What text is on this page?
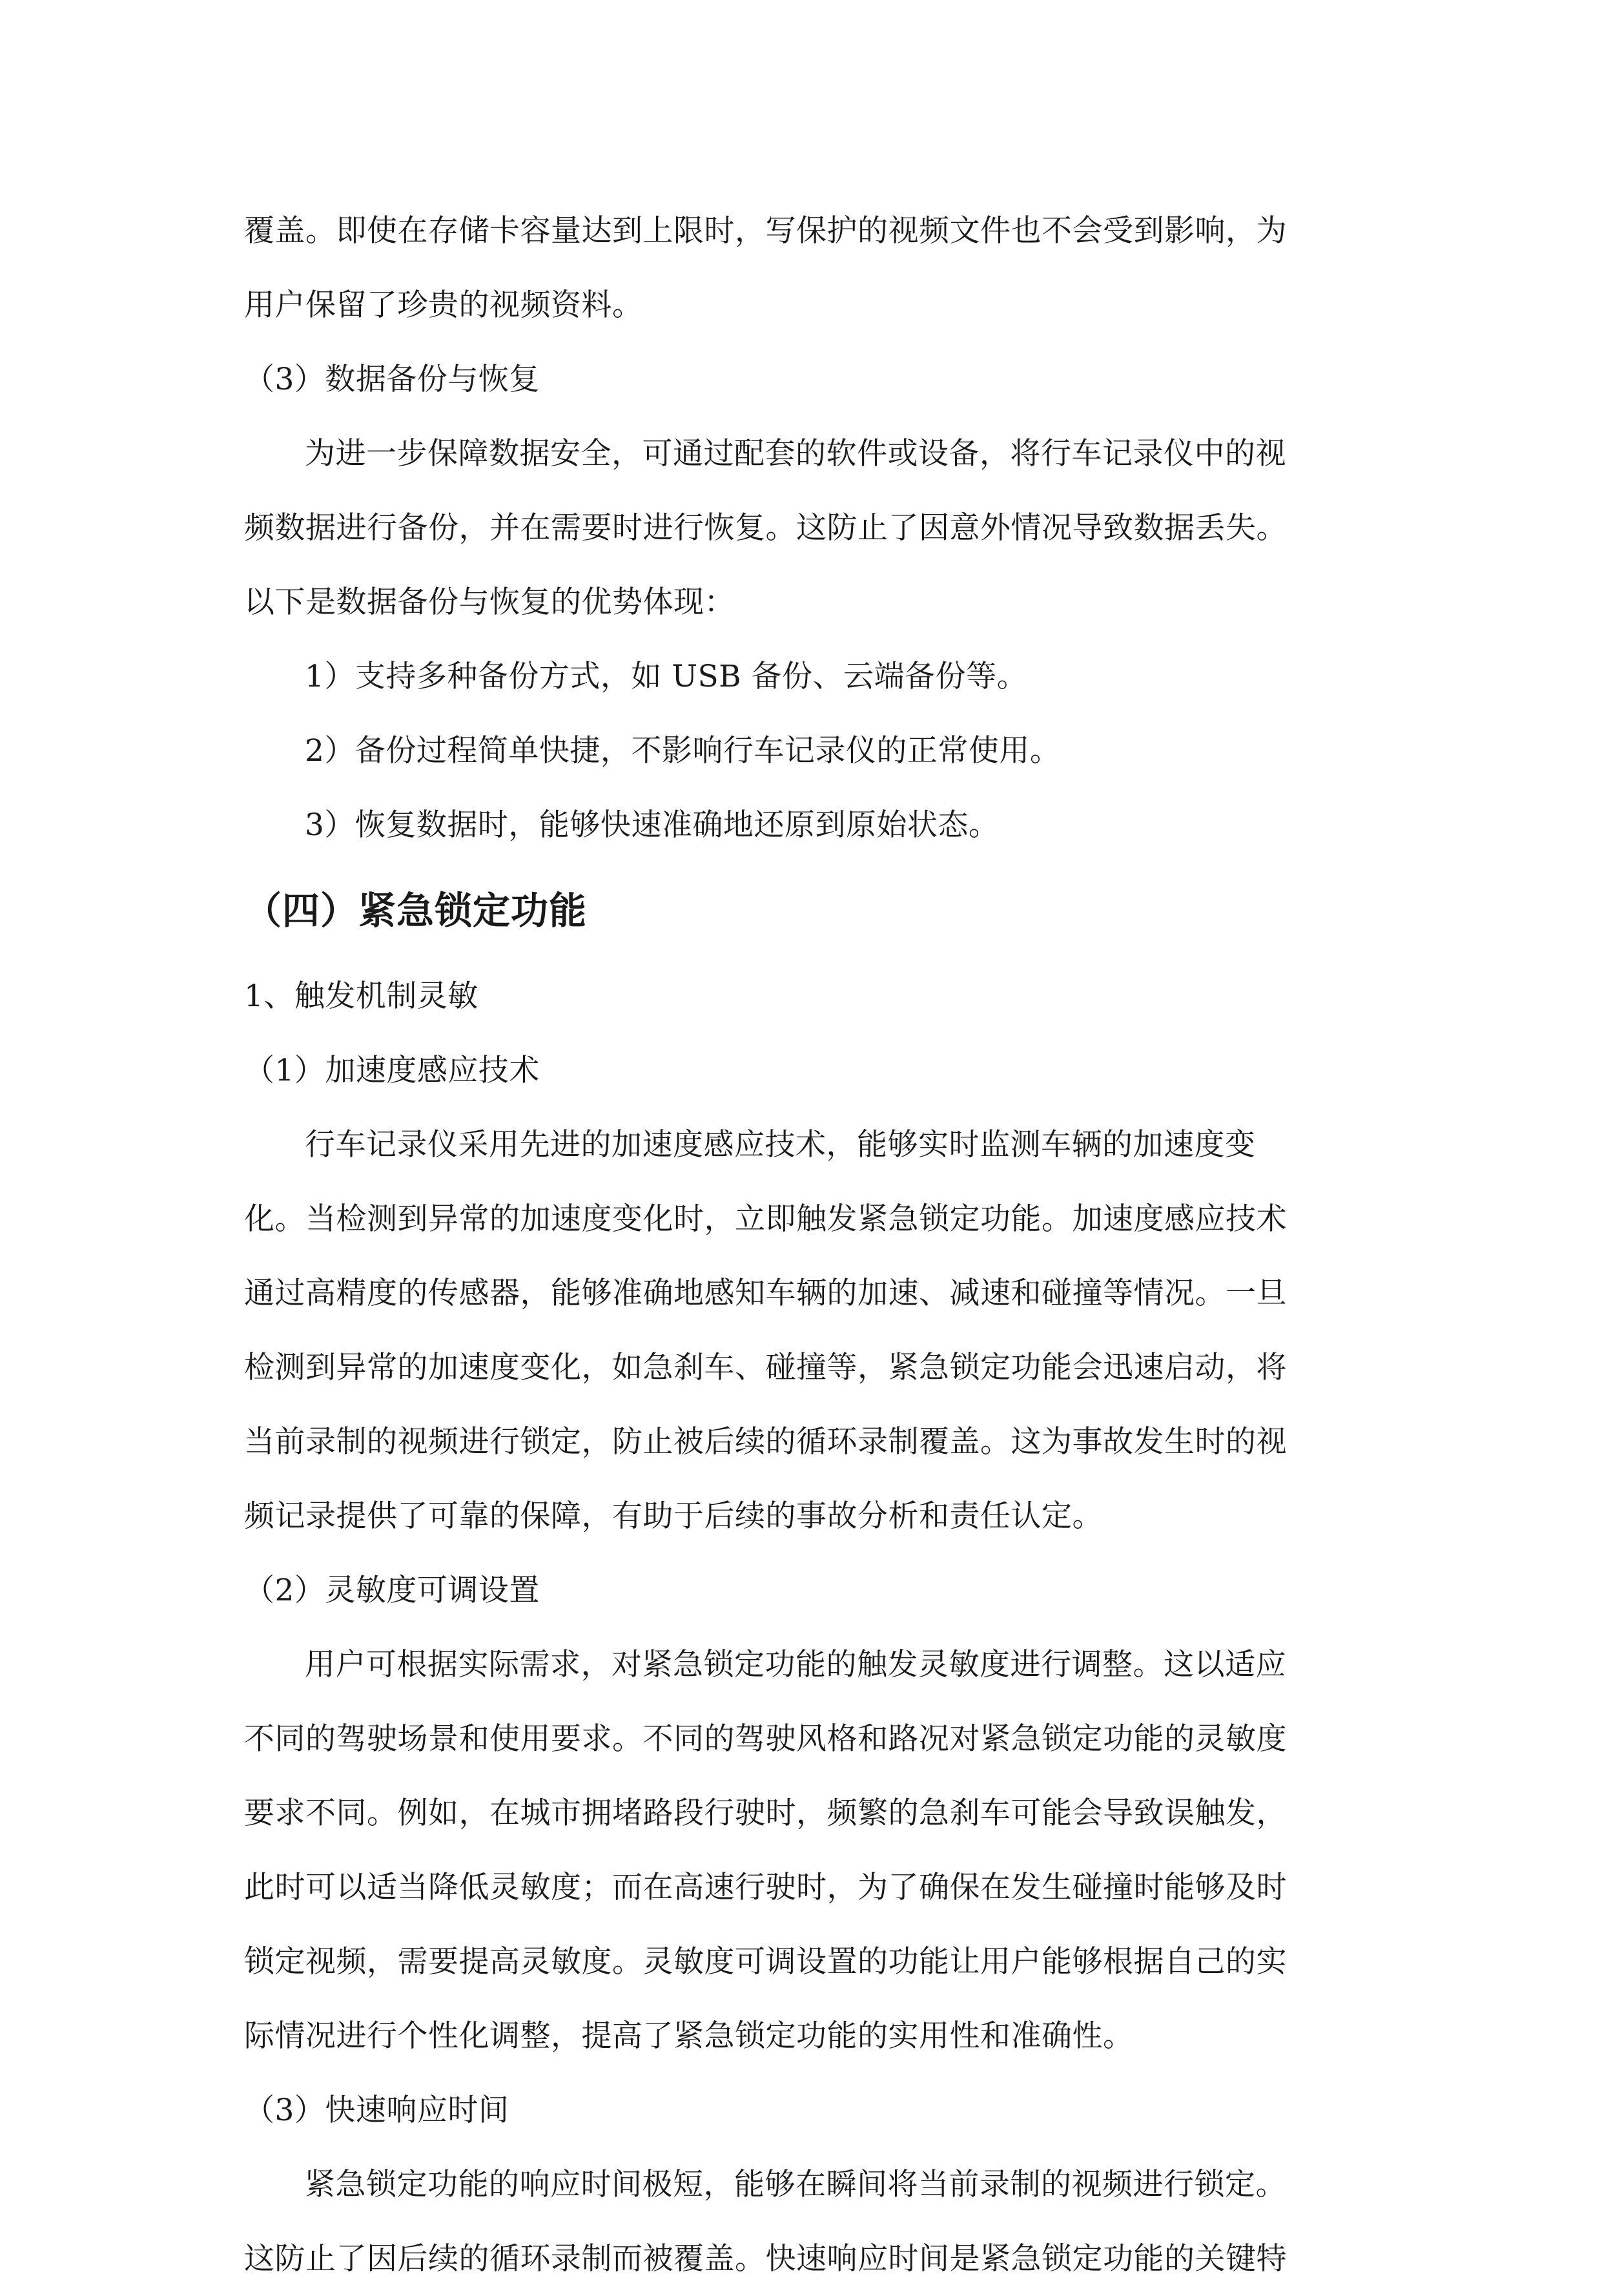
覆盖。即使在存储卡容量达到上限时，写保护的视频文件也不会受到影响，为
用户保留了珍贵的视频资料。

（3）数据备份与恢复

为进一步保障数据安全，可通过配套的软件或设备，将行车记录仪中的视
频数据进行备份，并在需要时进行恢复。这防止了因意外情况导致数据丢失。
以下是数据备份与恢复的优势体现：

1）支持多种备份方式，如 USB 备份、云端备份等。

2）备份过程简单快捷，不影响行车记录仪的正常使用。

3）恢复数据时，能够快速准确地还原到原始状态。

（四）紧急锁定功能

1、触发机制灵敏

（1）加速度感应技术

行车记录仪采用先进的加速度感应技术，能够实时监测车辆的加速度变
化。当检测到异常的加速度变化时，立即触发紧急锁定功能。加速度感应技术
通过高精度的传感器，能够准确地感知车辆的加速、减速和碰撞等情况。一旦
检测到异常的加速度变化，如急刹车、碰撞等，紧急锁定功能会迅速启动，将
当前录制的视频进行锁定，防止被后续的循环录制覆盖。这为事故发生时的视
频记录提供了可靠的保障，有助于后续的事故分析和责任认定。

（2）灵敏度可调设置

用户可根据实际需求，对紧急锁定功能的触发灵敏度进行调整。这以适应
不同的驾驶场景和使用要求。不同的驾驶风格和路况对紧急锁定功能的灵敏度
要求不同。例如，在城市拥堵路段行驶时，频繁的急刹车可能会导致误触发，
此时可以适当降低灵敏度；而在高速行驶时，为了确保在发生碰撞时能够及时
锁定视频，需要提高灵敏度。灵敏度可调设置的功能让用户能够根据自己的实
际情况进行个性化调整，提高了紧急锁定功能的实用性和准确性。

（3）快速响应时间

紧急锁定功能的响应时间极短，能够在瞬间将当前录制的视频进行锁定。
这防止了因后续的循环录制而被覆盖。快速响应时间是紧急锁定功能的关键特
